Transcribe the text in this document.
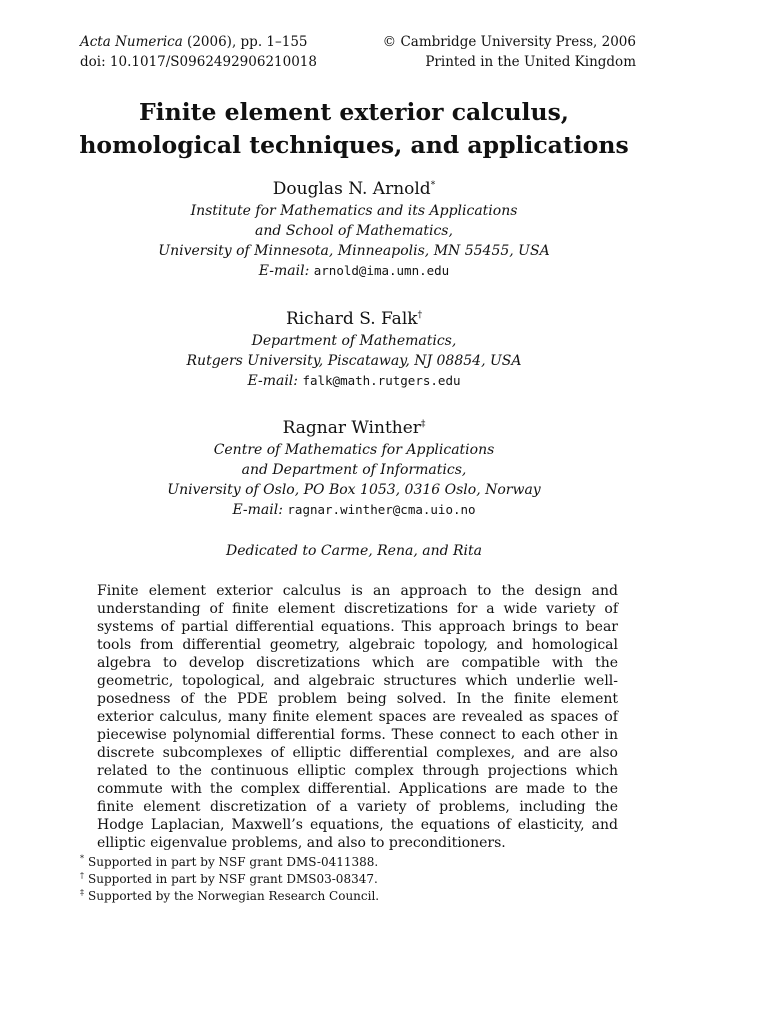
Acta Numerica (2006), pp. 1–155
doi: 10.1017/S0962492906210018
© Cambridge University Press, 2006
Printed in the United Kingdom
Finite element exterior calculus,
homological techniques, and applications
Douglas N. Arnold*
Institute for Mathematics and its Applications
and School of Mathematics,
University of Minnesota, Minneapolis, MN 55455, USA
E-mail: arnold@ima.umn.edu
Richard S. Falk†
Department of Mathematics,
Rutgers University, Piscataway, NJ 08854, USA
E-mail: falk@math.rutgers.edu
Ragnar Winther‡
Centre of Mathematics for Applications
and Department of Informatics,
University of Oslo, PO Box 1053, 0316 Oslo, Norway
E-mail: ragnar.winther@cma.uio.no
Dedicated to Carme, Rena, and Rita

Finite element exterior calculus is an approach to the design and understanding of finite element discretizations for a wide variety of systems of partial differential equations. This approach brings to bear tools from differential geometry, algebraic topology, and homological algebra to develop discretizations which are compatible with the geometric, topological, and algebraic structures which underlie well-posedness of the PDE problem being solved. In the finite element exterior calculus, many finite element spaces are revealed as spaces of piecewise polynomial differential forms. These connect to each other in discrete subcomplexes of elliptic differential complexes, and are also related to the continuous elliptic complex through projections which commute with the complex differential. Applications are made to the finite element discretization of a variety of problems, including the Hodge Laplacian, Maxwell’s equations, the equations of elasticity, and elliptic eigenvalue problems, and also to preconditioners.

* Supported in part by NSF grant DMS-0411388.
† Supported in part by NSF grant DMS03-08347.
‡ Supported by the Norwegian Research Council.
